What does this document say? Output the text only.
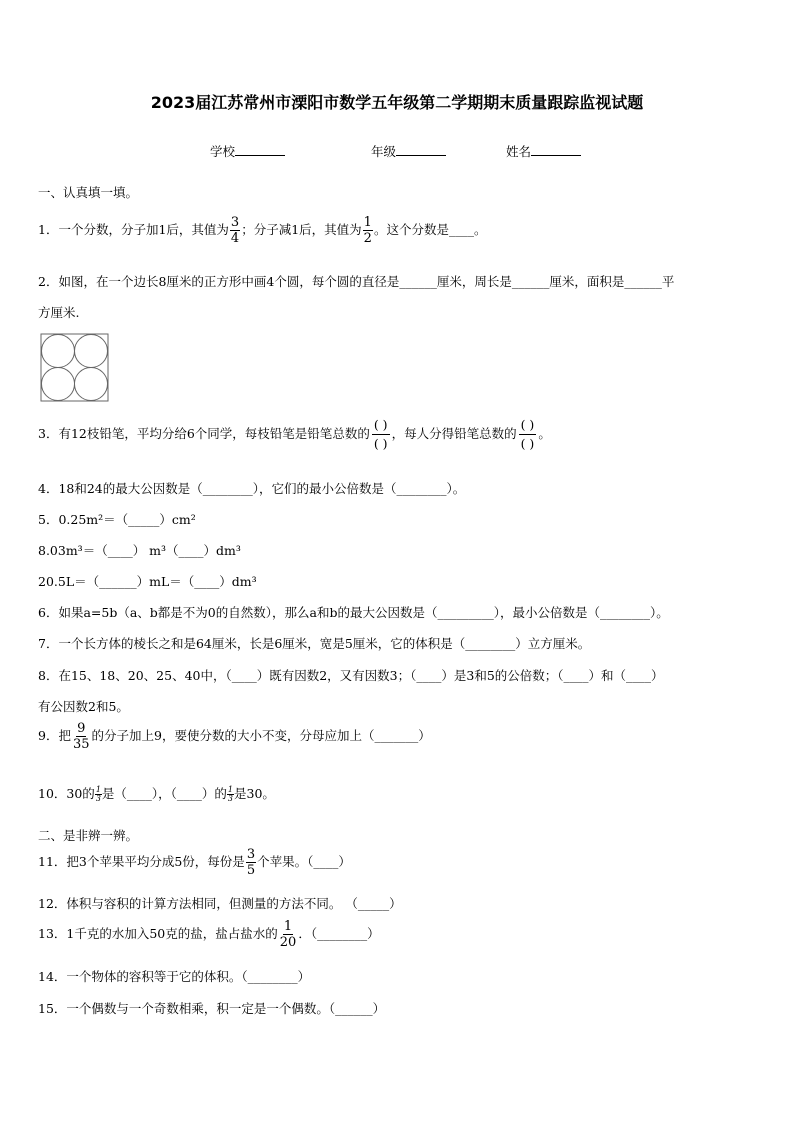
2023届江苏常州市溧阳市数学五年级第二学期期末质量跟踪监视试题
学校	年级	姓名
一、认真填一填。
1．一个分数，分子加1后，其值为 $\frac{3}{4}$ ；分子减1后，其值为 $\frac{1}{2}$ 。这个分数是____。
2．如图，在一个边长8厘米的正方形中画4个圆，每个圆的直径是______厘米，周长是______厘米，面积是______平
方厘米.
3．有12枝铅笔，平均分给6个同学，每枝铅笔是铅笔总数的 $\frac{( )}{( )}$ ，每人分得铅笔总数的 $\frac{( )}{( )}$ 。
4．18和24的最大公因数是（________），它们的最小公倍数是（________）。
5．0.25m²＝（_____）cm²
8.03m³＝（____） m³（____）dm³
20.5L＝（______）mL＝（____）dm³
6．如果a=5b（a、b都是不为0的自然数），那么a和b的最大公因数是（_________），最小公倍数是（________）。
7．一个长方体的棱长之和是64厘米，长是6厘米，宽是5厘米，它的体积是（________）立方厘米。
8．在15、18、20、25、40中，（____）既有因数2，又有因数3；（____）是3和5的公倍数；（____）和（____）
有公因数2和5。
9．把 $\frac{9}{35}$ 的分子加上9，要使分数的大小不变，分母应加上（_______）
10．30的 $\frac{1}{3}$ 是（____），（____）的 $\frac{1}{3}$ 是30。
二、是非辨一辨。
11．把3个苹果平均分成5份，每份是 $\frac{3}{5}$ 个苹果。（____）
12．体积与容积的计算方法相同，但测量的方法不同。 （_____）
13．1千克的水加入50克的盐，盐占盐水的 $\frac{1}{20}$ ．（________）
14．一个物体的容积等于它的体积。（________）
15．一个偶数与一个奇数相乘，积一定是一个偶数。（______）
